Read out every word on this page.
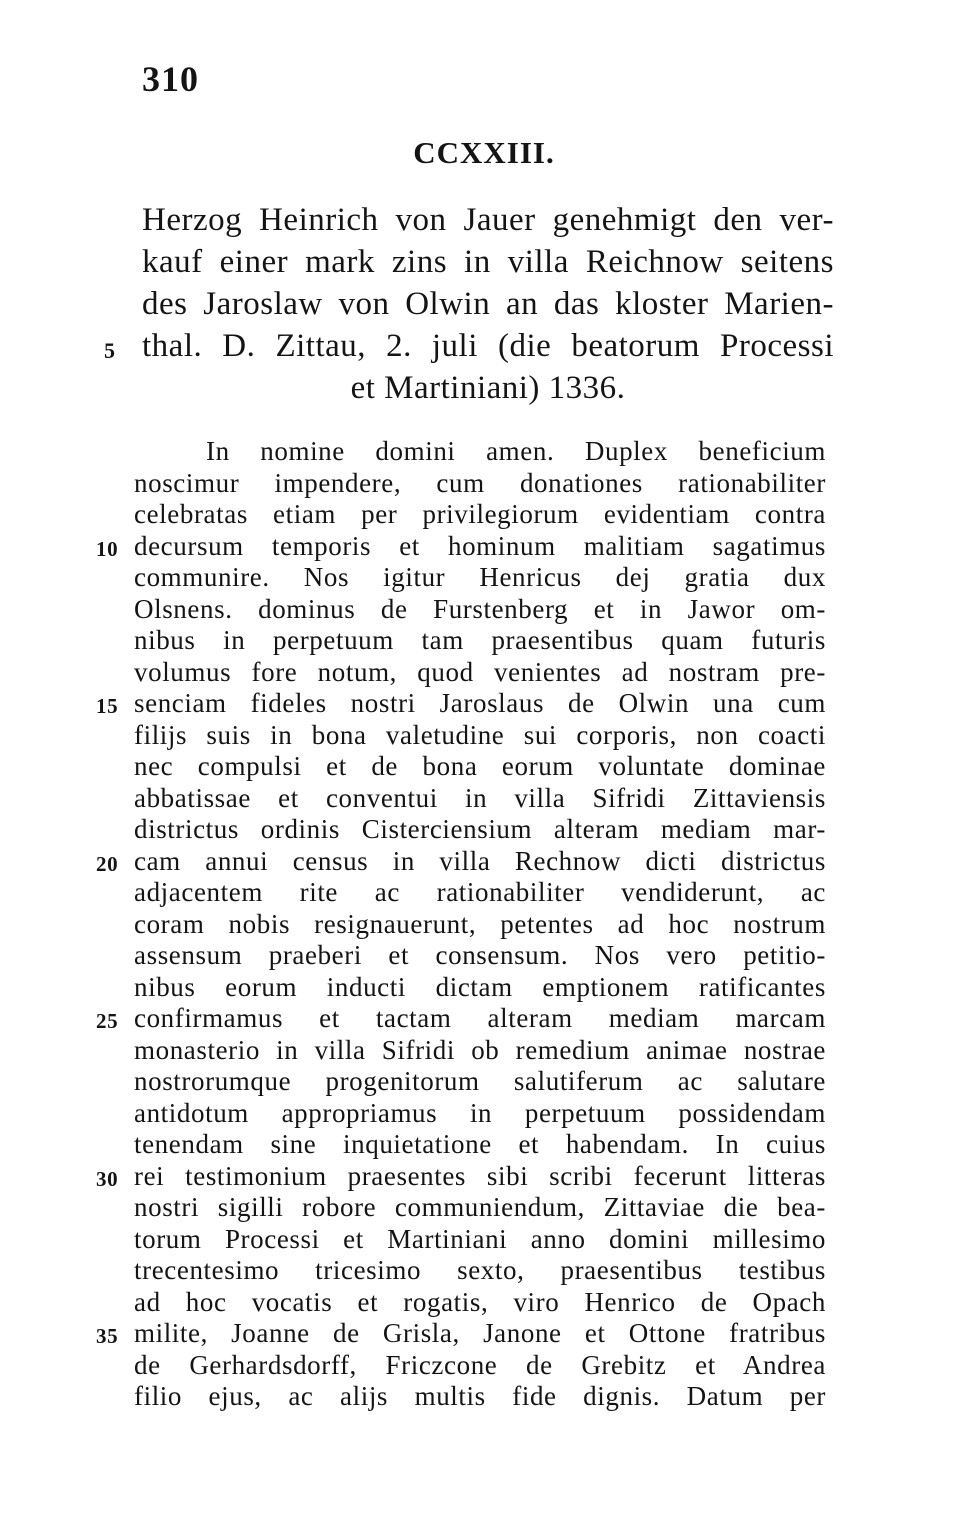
310
CCXXIII.
Herzog Heinrich von Jauer genehmigt den ver-
kauf einer mark zins in villa Reichnow seitens
des Jaroslaw von Olwin an das kloster Marien-
5 thal. D. Zittau, 2. juli (die beatorum Processi
et Martiniani) 1336.
In nomine domini amen. Duplex beneficium
noscimur impendere, cum donationes rationabiliter
celebratas etiam per privilegiorum evidentiam contra
10 decursum temporis et hominum malitiam sagatimus
communire. Nos igitur Henricus dej gratia dux
Olsnens. dominus de Furstenberg et in Jawor om-
nibus in perpetuum tam praesentibus quam futuris
volumus fore notum, quod venientes ad nostram pre-
15 senciam fideles nostri Jaroslaus de Olwin una cum
filijs suis in bona valetudine sui corporis, non coacti
nec compulsi et de bona eorum voluntate dominae
abbatissae et conventui in villa Sifridi Zittaviensis
districtus ordinis Cisterciensium alteram mediam mar-
20 cam annui census in villa Rechnow dicti districtus
adjacentem rite ac rationabiliter vendiderunt, ac
coram nobis resignauerunt, petentes ad hoc nostrum
assensum praeberi et consensum. Nos vero petitio-
nibus eorum inducti dictam emptionem ratificantes
25 confirmamus et tactam alteram mediam marcam
monasterio in villa Sifridi ob remedium animae nostrae
nostrorumque progenitorum salutiferum ac salutare
antidotum appropriamus in perpetuum possidendam
tenendam sine inquietatione et habendam. In cuius
30 rei testimonium praesentes sibi scribi fecerunt litteras
nostri sigilli robore communiendum, Zittaviae die bea-
torum Processi et Martiniani anno domini millesimo
trecentesimo tricesimo sexto, praesentibus testibus
ad hoc vocatis et rogatis, viro Henrico de Opach
35 milite, Joanne de Grisla, Janone et Ottone fratribus
de Gerhardsdorff, Friczcone de Grebitz et Andrea
filio ejus, ac alijs multis fide dignis. Datum per
